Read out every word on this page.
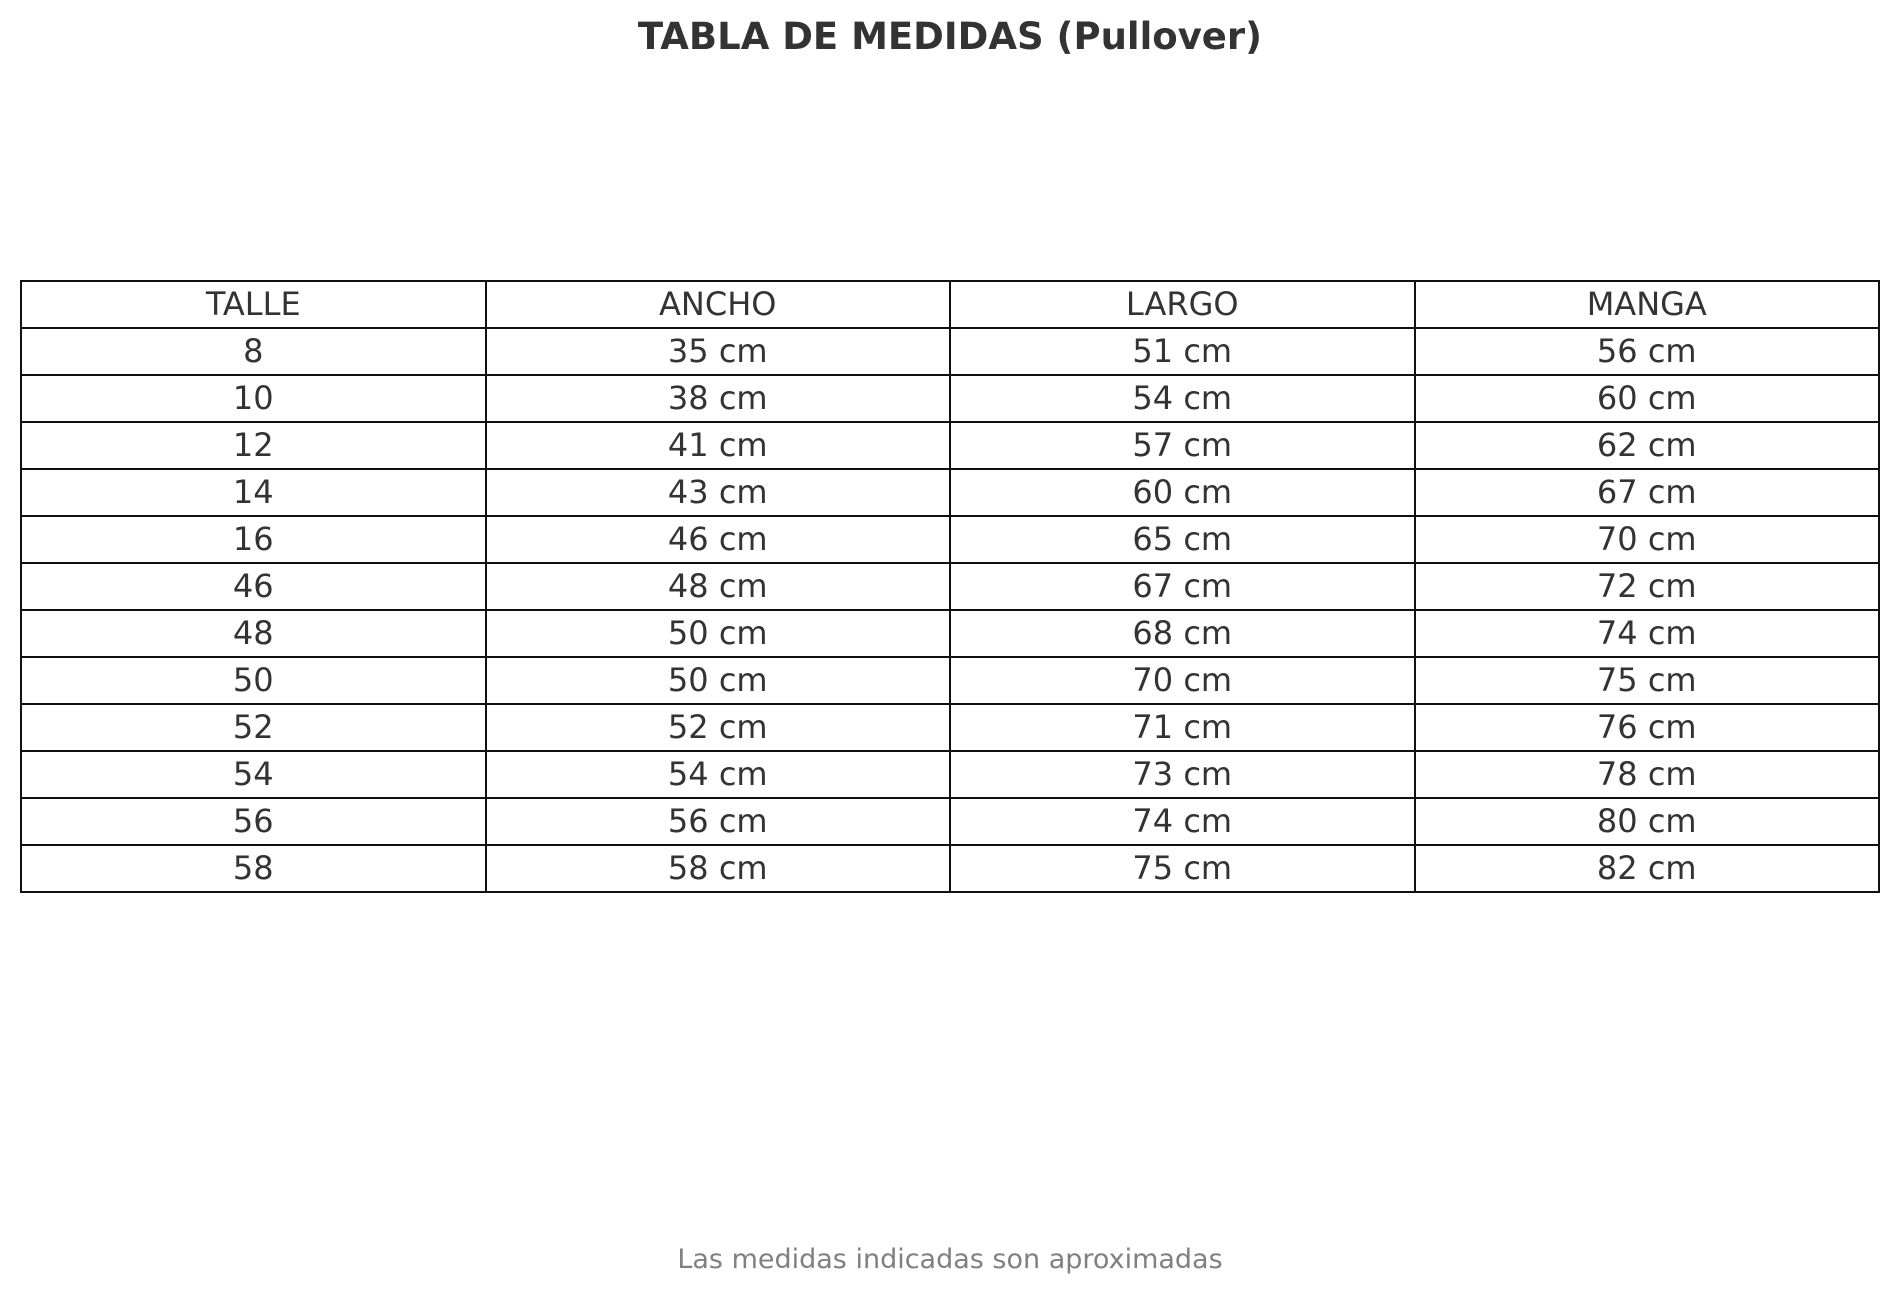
TABLA DE MEDIDAS (Pullover)
TALLE	ANCHO	LARGO	MANGA
8	35 cm	51 cm	56 cm
10	38 cm	54 cm	60 cm
12	41 cm	57 cm	62 cm
14	43 cm	60 cm	67 cm
16	46 cm	65 cm	70 cm
46	48 cm	67 cm	72 cm
48	50 cm	68 cm	74 cm
50	50 cm	70 cm	75 cm
52	52 cm	71 cm	76 cm
54	54 cm	73 cm	78 cm
56	56 cm	74 cm	80 cm
58	58 cm	75 cm	82 cm
Las medidas indicadas son aproximadas
